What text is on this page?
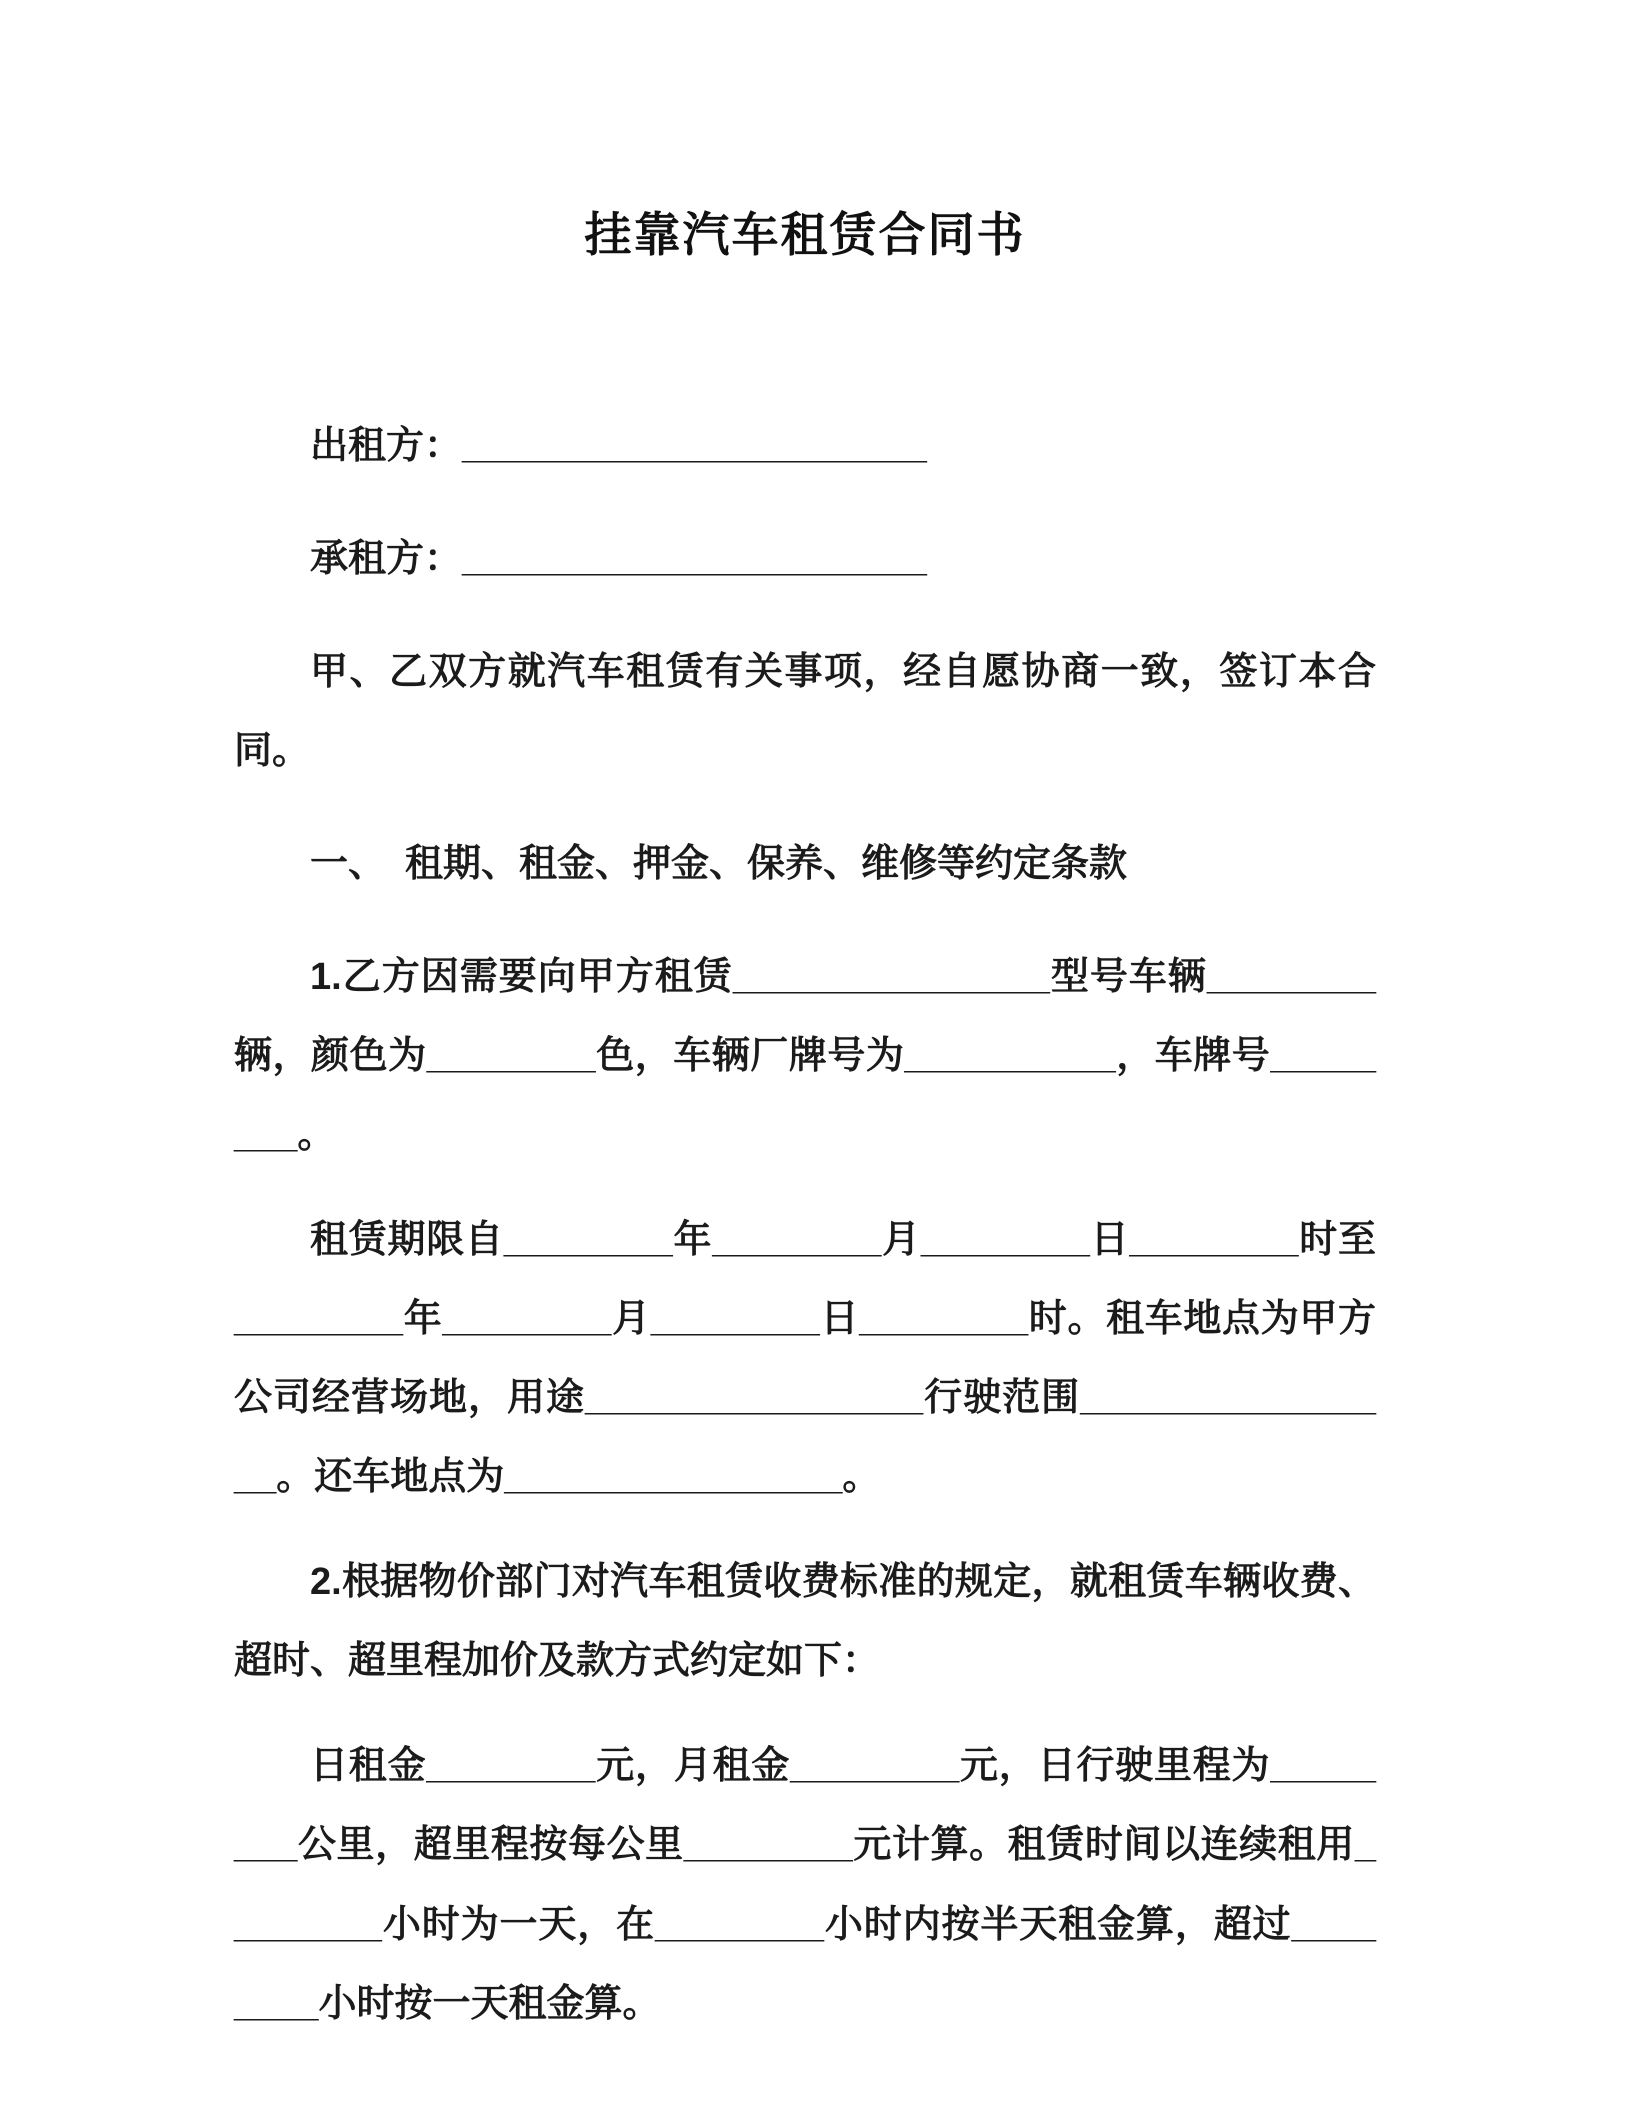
挂靠汽车租赁合同书

出租方：______________________

承租方：______________________

甲、乙双方就汽车租赁有关事项，经自愿协商一致，签订本合同。

一、　租期、租金、押金、保养、维修等约定条款

1.乙方因需要向甲方租赁_______________型号车辆________辆，颜色为________色，车辆厂牌号为__________，车牌号________。

租赁期限自________年________月________日________时至________年________月________日________时。租车地点为甲方公司经营场地，用途________________行驶范围________________。还车地点为________________。

2.根据物价部门对汽车租赁收费标准的规定，就租赁车辆收费、超时、超里程加价及款方式约定如下：

日租金________元，月租金________元，日行驶里程为________公里，超里程按每公里________元计算。租赁时间以连续租用________小时为一天，在________小时内按半天租金算，超过________小时按一天租金算。
